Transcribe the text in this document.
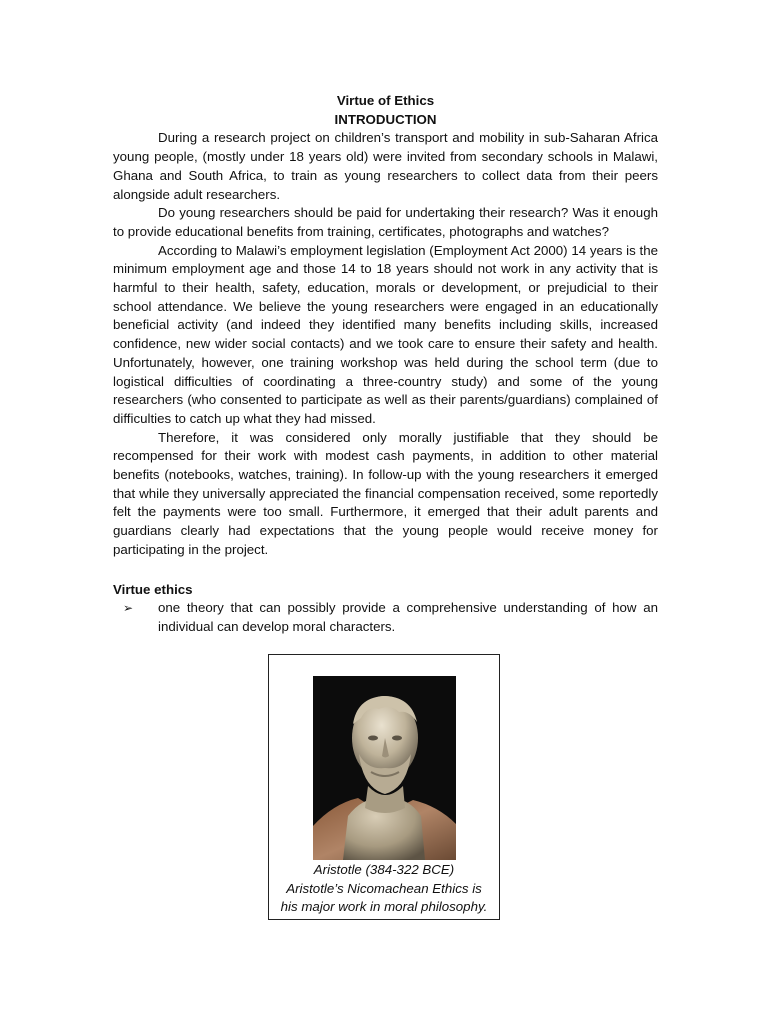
Virtue of Ethics

INTRODUCTION

During a research project on children’s transport and mobility in sub-Saharan Africa young people, (mostly under 18 years old) were invited from secondary schools in Malawi, Ghana and South Africa, to train as young researchers to collect data from their peers alongside adult researchers.

Do young researchers should be paid for undertaking their research? Was it enough to provide educational benefits from training, certificates, photographs and watches?

According to Malawi’s employment legislation (Employment Act 2000) 14 years is the minimum employment age and those 14 to 18 years should not work in any activity that is harmful to their health, safety, education, morals or development, or prejudicial to their school attendance. We believe the young researchers were engaged in an educationally beneficial activity (and indeed they identified many benefits including skills, increased confidence, new wider social contacts) and we took care to ensure their safety and health. Unfortunately, however, one training workshop was held during the school term (due to logistical difficulties of coordinating a three-country study) and some of the young researchers (who consented to participate as well as their parents/guardians) complained of difficulties to catch up what they had missed.

Therefore, it was considered only morally justifiable that they should be recompensed for their work with modest cash payments, in addition to other material benefits (notebooks, watches, training). In follow-up with the young researchers it emerged that while they universally appreciated the financial compensation received, some reportedly felt the payments were too small. Furthermore, it emerged that their adult parents and guardians clearly had expectations that the young people would receive money for participating in the project.

Virtue ethics

➢	one theory that can possibly provide a comprehensive understanding of how an individual can develop moral characters.
Aristotle (384-322 BCE)
Aristotle’s Nicomachean Ethics is
his major work in moral philosophy.
